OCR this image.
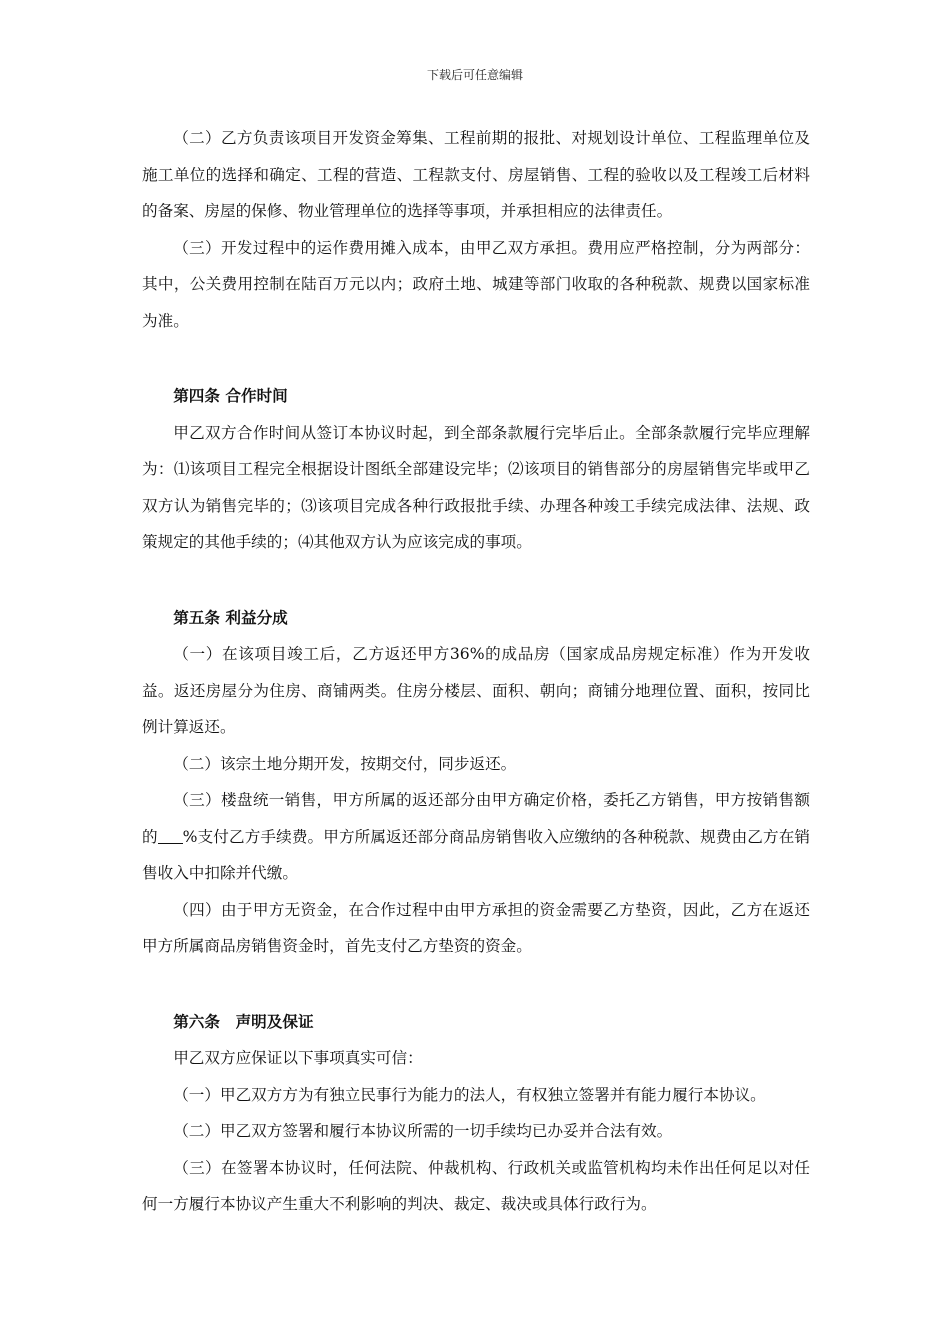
下载后可任意编辑

（二）乙方负责该项目开发资金筹集、工程前期的报批、对规划设计单位、工程监理单位及施工单位的选择和确定、工程的营造、工程款支付、房屋销售、工程的验收以及工程竣工后材料的备案、房屋的保修、物业管理单位的选择等事项，并承担相应的法律责任。

（三）开发过程中的运作费用摊入成本，由甲乙双方承担。费用应严格控制，分为两部分：其中，公关费用控制在陆百万元以内；政府土地、城建等部门收取的各种税款、规费以国家标准为准。

第四条 合作时间

甲乙双方合作时间从签订本协议时起，到全部条款履行完毕后止。全部条款履行完毕应理解为：⑴该项目工程完全根据设计图纸全部建设完毕；⑵该项目的销售部分的房屋销售完毕或甲乙双方认为销售完毕的；⑶该项目完成各种行政报批手续、办理各种竣工手续完成法律、法规、政策规定的其他手续的；⑷其他双方认为应该完成的事项。

第五条 利益分成

（一）在该项目竣工后，乙方返还甲方36%的成品房（国家成品房规定标准）作为开发收益。返还房屋分为住房、商铺两类。住房分楼层、面积、朝向；商铺分地理位置、面积，按同比例计算返还。

（二）该宗土地分期开发，按期交付，同步返还。

（三）楼盘统一销售，甲方所属的返还部分由甲方确定价格，委托乙方销售，甲方按销售额的 %支付乙方手续费。甲方所属返还部分商品房销售收入应缴纳的各种税款、规费由乙方在销售收入中扣除并代缴。

（四）由于甲方无资金，在合作过程中由甲方承担的资金需要乙方垫资，因此，乙方在返还甲方所属商品房销售资金时，首先支付乙方垫资的资金。

第六条　声明及保证

甲乙双方应保证以下事项真实可信：

（一）甲乙双方方为有独立民事行为能力的法人，有权独立签署并有能力履行本协议。

（二）甲乙双方签署和履行本协议所需的一切手续均已办妥并合法有效。

（三）在签署本协议时，任何法院、仲裁机构、行政机关或监管机构均未作出任何足以对任何一方履行本协议产生重大不利影响的判决、裁定、裁决或具体行政行为。
